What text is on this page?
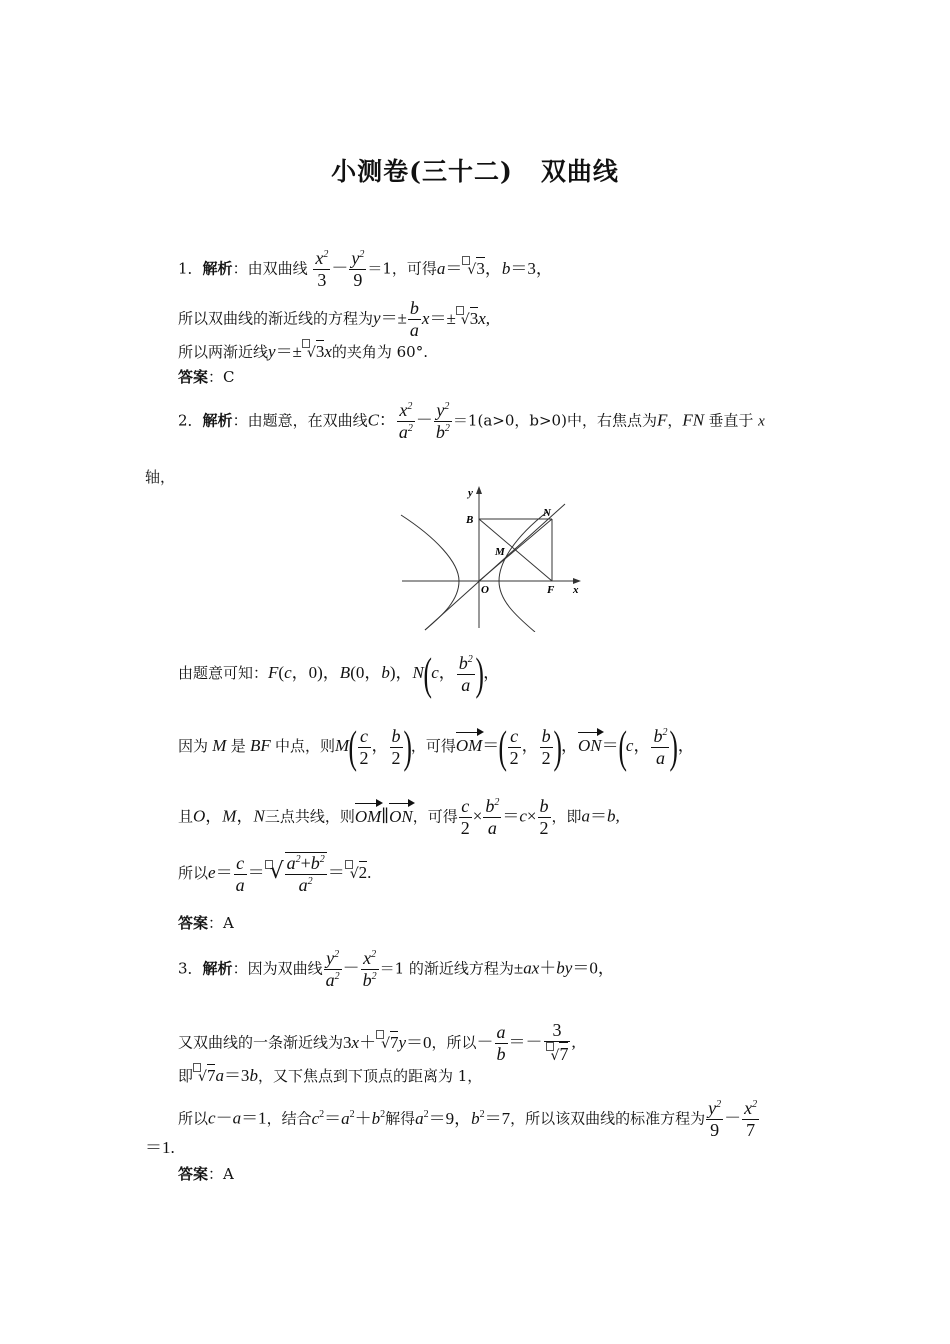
小测卷(三十二) 双曲线
1．解析：由双曲线 $\frac{x^2}{3} - \frac{y^2}{9} =1$，可得a＝ √3，b＝3，
所以双曲线的渐近线的方程为$y=\pm \frac{b}{a} x=\pm √3x$,
所以两渐近线y＝± √3x的夹角为 60°.
答案：C
2．解析：由题意，在双曲线C： $\frac{x^2}{a^2} - \frac{y^2}{b^2} =1(a>0$，b>0)中，右焦点为F，FN 垂直于 x
轴，
y
B
N
M
O	F x
由题意可知：F(c，0)，B(0，b)，N(c， $\frac{b^2}{a}$ )，
因为 M 是 BF 中点，则$M( \frac{c}{2}$ ， $\frac{b}{2}$ )，可得$OM=( \frac{c}{2}$ ， $\frac{b}{2}$ )，ON＝(c， $\frac{b^2}{a}$ )，
且O，M，N三点共线，则OM∥ON，可得 $\frac{c}{2} \times \frac{b^2}{a} =c\times \frac{b}{2}$ ，即a＝b,
所以$e= \frac{c}{a}$ ＝ √ $\frac{a^2+b^2}{a^2} = √2$.
答案：A
3．解析：因为双曲线 $\frac{y^2}{a^2} - \frac{x^2}{b^2} =1$ 的渐近线方程为±ax＋by＝0，
又双曲线的一条渐近线为3x＋ √7y＝0，所以－ $\frac{a}{b} =- \frac{3}{√7}$ ,
即 √7a＝3b，又下焦点到下顶点的距离为 1，
所以c－a＝1，结合$c^2=a^2+b^2$解得$a^2=9$，$b^2=7$，所以该双曲线的标准方程为 $\frac{y^2}{9} - \frac{x^2}{7}$
＝1.
答案：A
